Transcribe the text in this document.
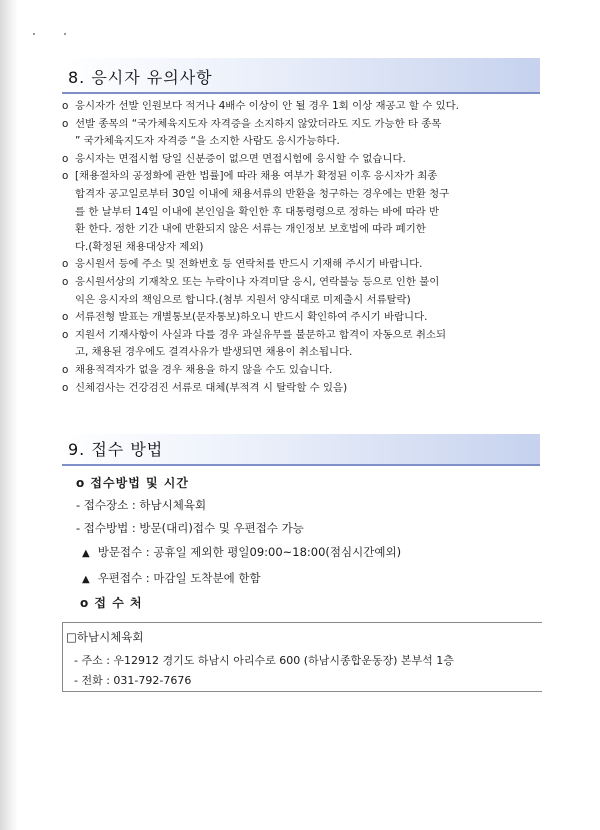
8. 응시자 유의사항
o 응시자가 선발 인원보다 적거나 4배수 이상이 안 될 경우 1회 이상 재공고 할 수 있다.
o 선발 종목의 “국가체육지도자 자격증을 소지하지 않았더라도 지도 가능한 타 종목
” 국가체육지도자 자격증 “을 소지한 사람도 응시가능하다.
o 응시자는 면접시험 당일 신분증이 없으면 면접시험에 응시할 수 없습니다.
o [채용절차의 공정화에 관한 법률]에 따라 채용 여부가 확정된 이후 응시자가 최종
합격자 공고일로부터 30일 이내에 채용서류의 반환을 청구하는 경우에는 반환 청구
를 한 날부터 14일 이내에 본인임을 확인한 후 대통령령으로 정하는 바에 따라 반
환 한다. 정한 기간 내에 반환되지 않은 서류는 개인정보 보호법에 따라 폐기한
다.(확정된 채용대상자 제외)
o 응시원서 등에 주소 및 전화번호 등 연락처를 반드시 기재해 주시기 바랍니다.
o 응시원서상의 기재착오 또는 누락이나 자격미달 응시, 연락불능 등으로 인한 불이
익은 응시자의 책임으로 합니다.(첨부 지원서 양식대로 미제출시 서류탈락)
o 서류전형 발표는 개별통보(문자통보)하오니 반드시 확인하여 주시기 바랍니다.
o 지원서 기재사항이 사실과 다를 경우 과실유무를 불문하고 합격이 자동으로 취소되
고, 채용된 경우에도 결격사유가 발생되면 채용이 취소됩니다.
o 채용적격자가 없을 경우 채용을 하지 않을 수도 있습니다.
o 신체검사는 건강검진 서류로 대체(부적격 시 탈락할 수 있음)
9. 접수 방법
o 접수방법 및 시간
- 접수장소 : 하남시체육회
- 접수방법 : 방문(대리)접수 및 우편접수 가능
▲ 방문접수 : 공휴일 제외한 평일09:00~18:00(점심시간예외)
▲ 우편접수 : 마감일 도착분에 한함
o 접 수 처
□하남시체육회
- 주소 : 우12912 경기도 하남시 아리수로 600 (하남시종합운동장) 본부석 1층
- 전화 : 031-792-7676
